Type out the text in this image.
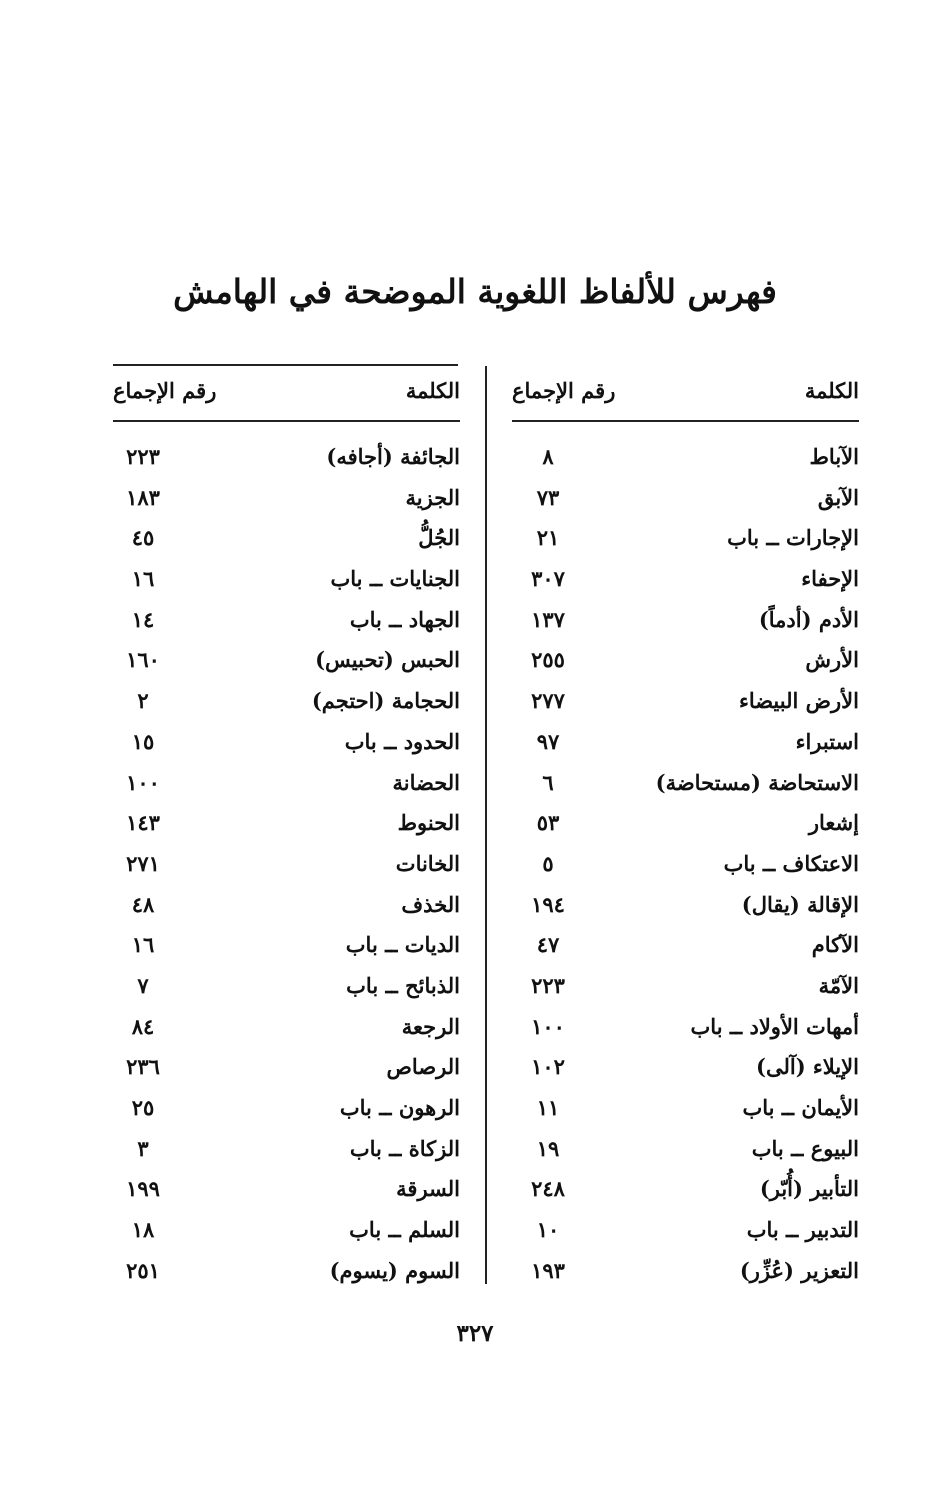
فهرس للألفاظ اللغوية الموضحة في الهامش
الكلمة
رقم الإجماع
الآباط
٨
الآبق
٧٣
الإجارات ــ باب
٢١
الإحفاء
٣٠٧
الأدم (أدماً)
١٣٧
الأرش
٢٥٥
الأرض البيضاء
٢٧٧
استبراء
٩٧
الاستحاضة (مستحاضة)
٦
إشعار
٥٣
الاعتكاف ــ باب
٥
الإقالة (يقال)
١٩٤
الآكام
٤٧
الآمّة
٢٢٣
أمهات الأولاد ــ باب
١٠٠
الإيلاء (آلى)
١٠٢
الأيمان ــ باب
١١
البيوع ــ باب
١٩
التأبير (أُبّر)
٢٤٨
التدبير ــ باب
١٠
التعزير (عُزِّر)
١٩٣
الكلمة
رقم الإجماع
الجائفة (أجافه)
٢٢٣
الجزية
١٨٣
الجُلُّ
٤٥
الجنايات ــ باب
١٦
الجهاد ــ باب
١٤
الحبس (تحبيس)
١٦٠
الحجامة (احتجم)
٢
الحدود ــ باب
١٥
الحضانة
١٠٠
الحنوط
١٤٣
الخانات
٢٧١
الخذف
٤٨
الديات ــ باب
١٦
الذبائح ــ باب
٧
الرجعة
٨٤
الرصاص
٢٣٦
الرهون ــ باب
٢٥
الزكاة ــ باب
٣
السرقة
١٩٩
السلم ــ باب
١٨
السوم (يسوم)
٢٥١
٣٢٧
